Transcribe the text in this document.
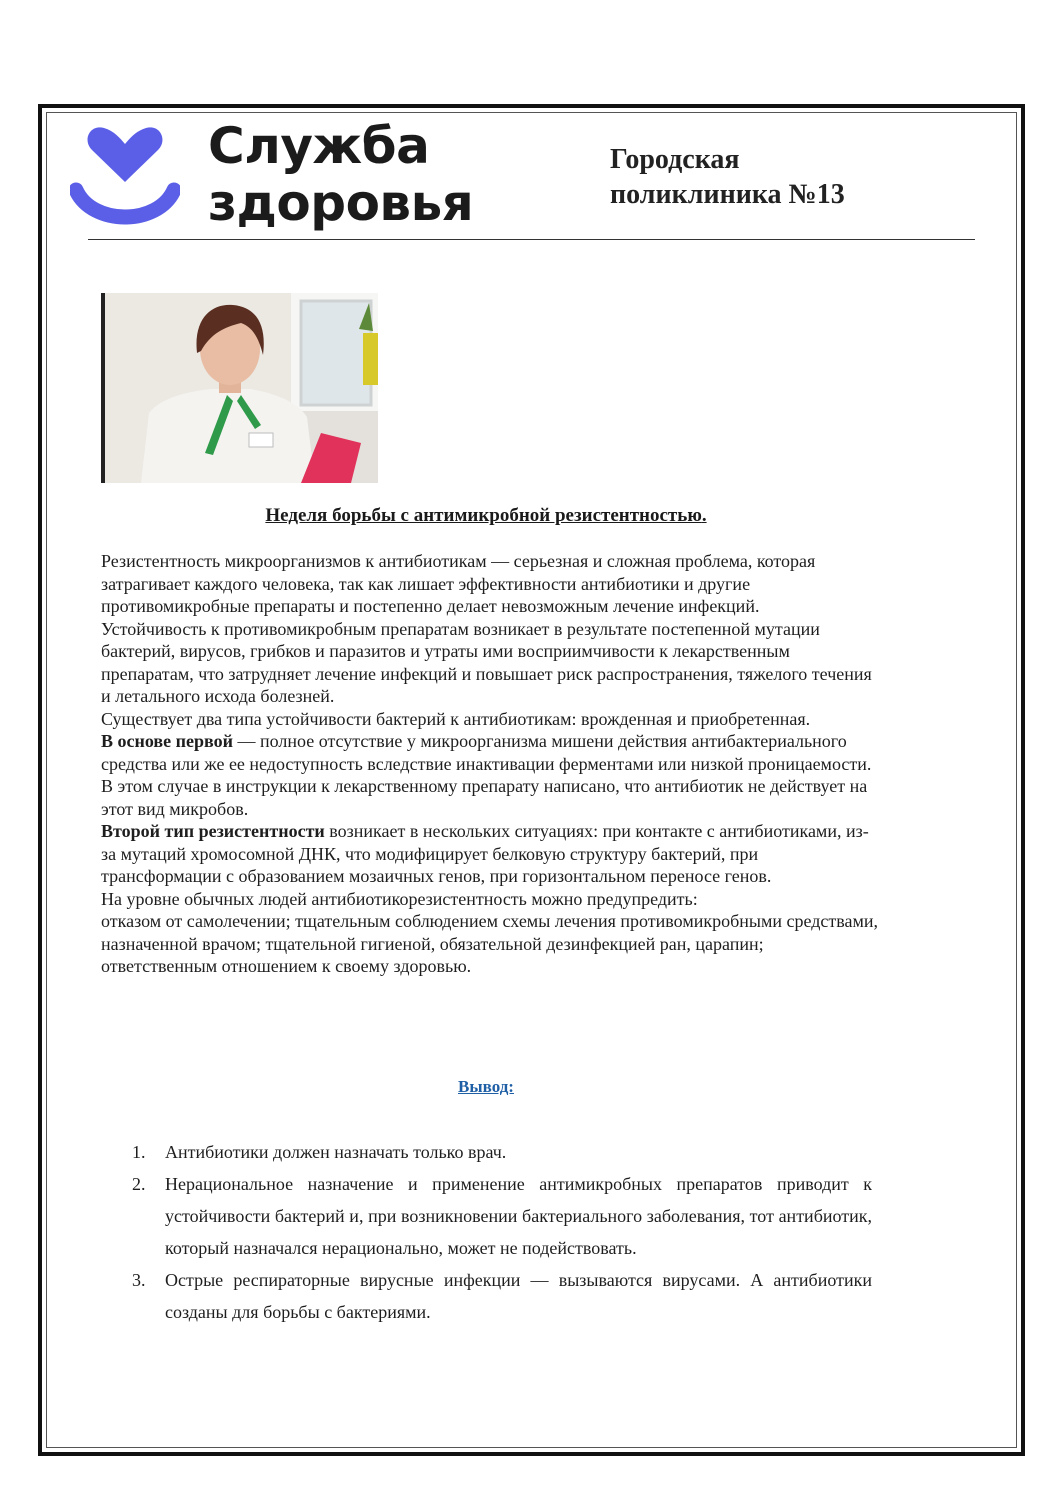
Служба
здоровья
Городская
поликлиника №13
Неделя борьбы с антимикробной резистентностью.

Резистентность микроорганизмов к антибиотикам — серьезная и сложная проблема, которая затрагивает каждого человека, так как лишает эффективности антибиотики и другие противомикробные препараты и постепенно делает невозможным лечение инфекций.

Устойчивость к противомикробным препаратам возникает в результате постепенной мутации бактерий, вирусов, грибков и паразитов и утраты ими восприимчивости к лекарственным препаратам, что затрудняет лечение инфекций и повышает риск распространения, тяжелого течения и летального исхода болезней.

Существует два типа устойчивости бактерий к антибиотикам: врожденная и приобретенная.

В основе первой — полное отсутствие у микроорганизма мишени действия антибактериального средства или же ее недоступность вследствие инактивации ферментами или низкой проницаемости. В этом случае в инструкции к лекарственному препарату написано, что антибиотик не действует на этот вид микробов.

Второй тип резистентности возникает в нескольких ситуациях: при контакте с антибиотиками, из-за мутаций хромосомной ДНК, что модифицирует белковую структуру бактерий, при трансформации с образованием мозаичных генов, при горизонтальном переносе генов.

На уровне обычных людей антибиотикорезистентность можно предупредить:

отказом от самолечении; тщательным соблюдением схемы лечения противомикробными средствами, назначенной врачом; тщательной гигиеной, обязательной дезинфекцией ран, царапин; ответственным отношением к своему здоровью.

Вывод:

1. Антибиотики должен назначать только врач.
2. Нерациональное назначение и применение антимикробных препаратов приводит к устойчивости бактерий и, при возникновении бактериального заболевания, тот антибиотик, который назначался нерационально, может не подействовать.
3. Острые респираторные вирусные инфекции — вызываются вирусами. А антибиотики созданы для борьбы с бактериями.
